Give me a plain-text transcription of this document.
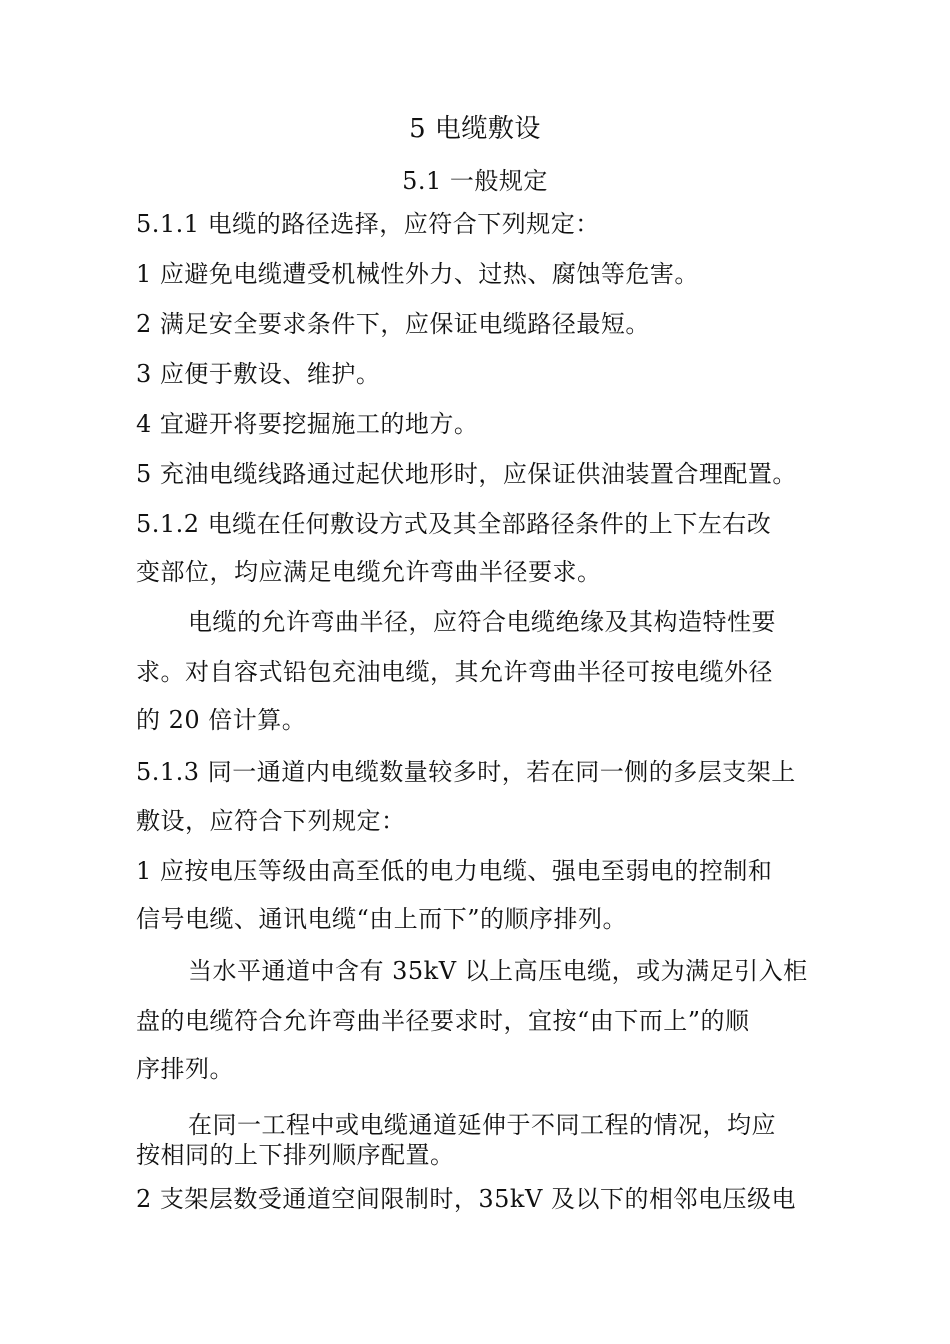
5 电缆敷设
5.1 一般规定
5.1.1 电缆的路径选择，应符合下列规定：
1 应避免电缆遭受机械性外力、过热、腐蚀等危害。
2 满足安全要求条件下，应保证电缆路径最短。
3 应便于敷设、维护。
4 宜避开将要挖掘施工的地方。
5 充油电缆线路通过起伏地形时，应保证供油装置合理配置。
5.1.2 电缆在任何敷设方式及其全部路径条件的上下左右改
变部位，均应满足电缆允许弯曲半径要求。
电缆的允许弯曲半径，应符合电缆绝缘及其构造特性要
求。对自容式铅包充油电缆，其允许弯曲半径可按电缆外径
的 20 倍计算。
5.1.3 同一通道内电缆数量较多时，若在同一侧的多层支架上
敷设，应符合下列规定：
1 应按电压等级由高至低的电力电缆、强电至弱电的控制和
信号电缆、通讯电缆“由上而下”的顺序排列。
当水平通道中含有 35kV 以上高压电缆，或为满足引入柜
盘的电缆符合允许弯曲半径要求时，宜按“由下而上”的顺
序排列。
在同一工程中或电缆通道延伸于不同工程的情况，均应
按相同的上下排列顺序配置。
2 支架层数受通道空间限制时，35kV 及以下的相邻电压级电
